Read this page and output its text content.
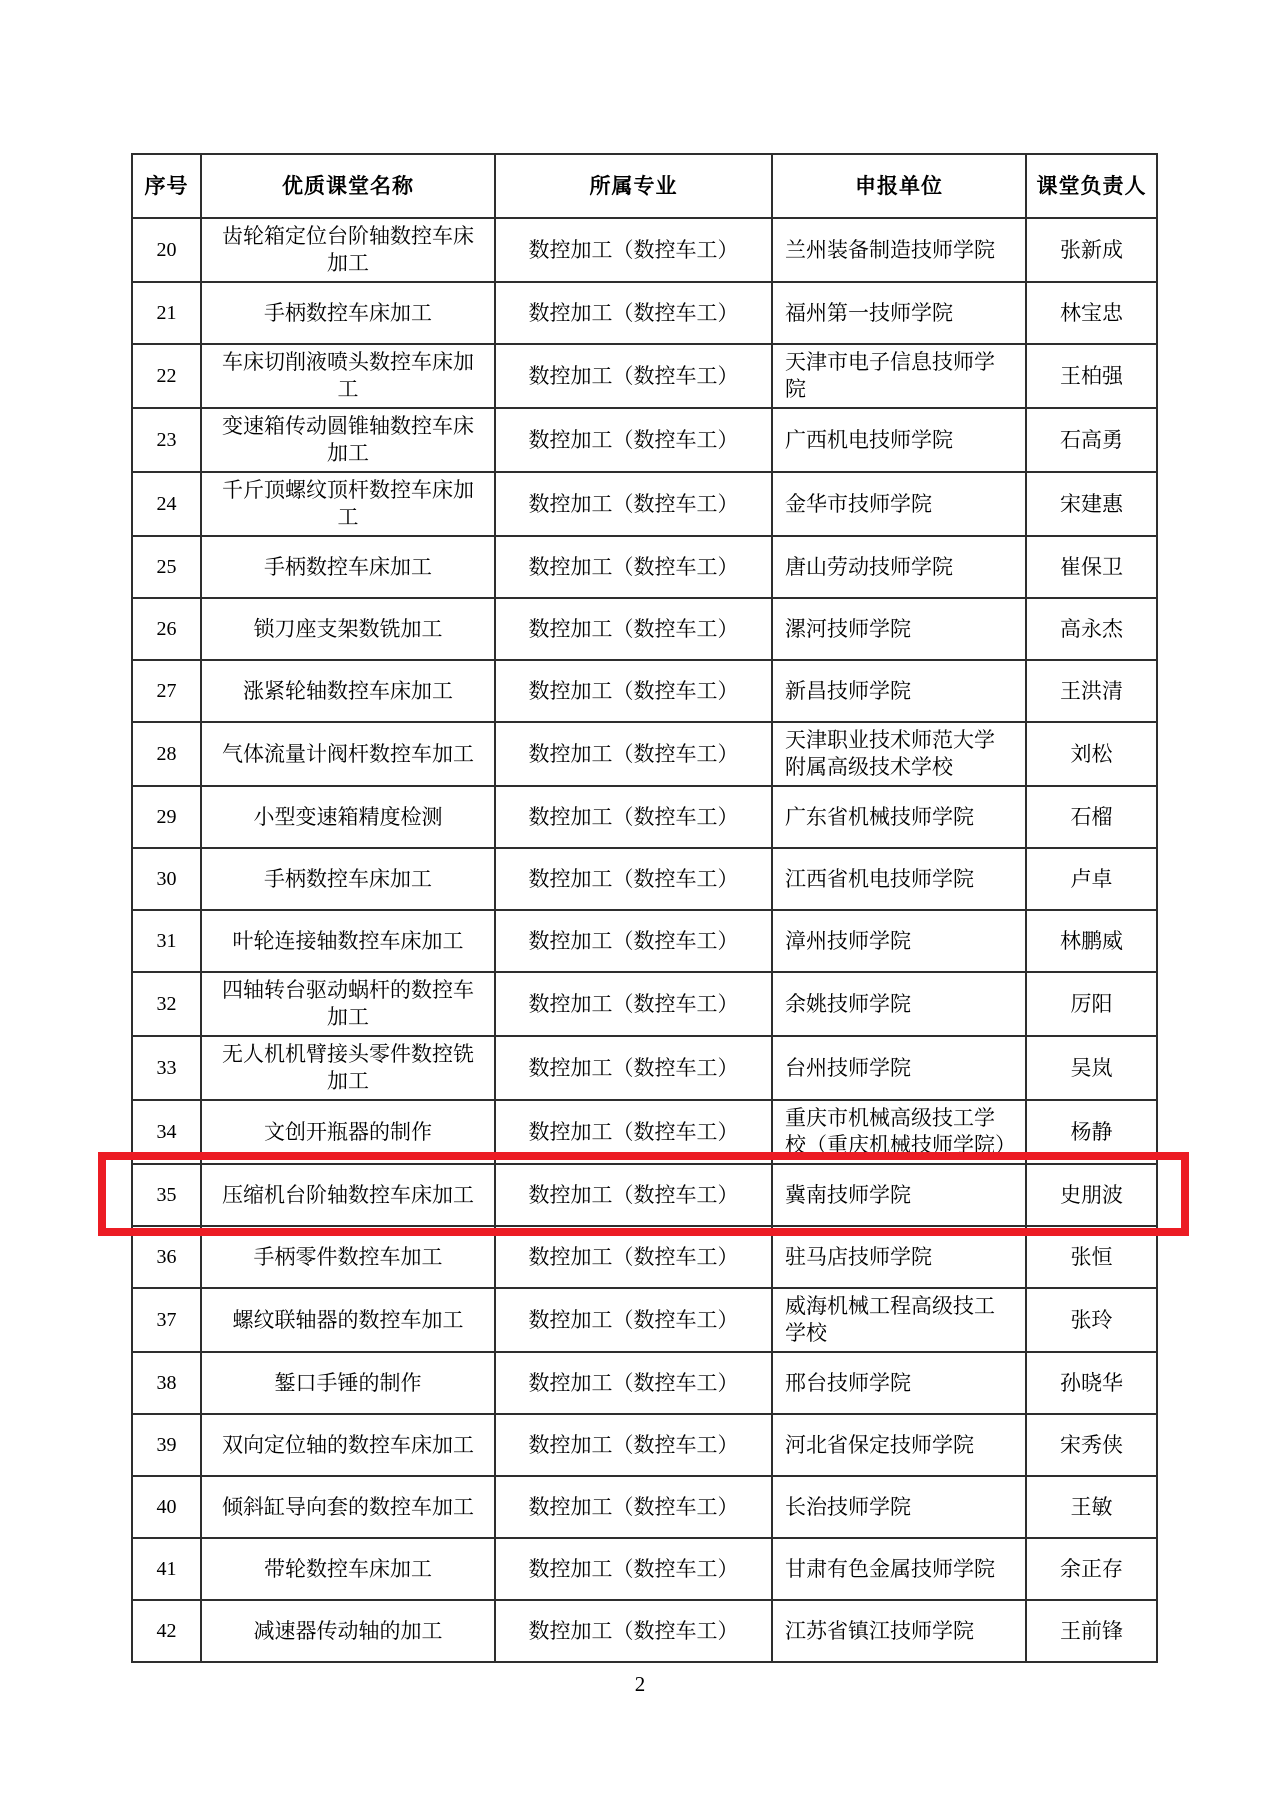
序号	优质课堂名称	所属专业	申报单位	课堂负责人
20	齿轮箱定位台阶轴数控车床加工	数控加工（数控车工）	兰州装备制造技师学院	张新成
21	手柄数控车床加工	数控加工（数控车工）	福州第一技师学院	林宝忠
22	车床切削液喷头数控车床加工	数控加工（数控车工）	天津市电子信息技师学院	王柏强
23	变速箱传动圆锥轴数控车床加工	数控加工（数控车工）	广西机电技师学院	石高勇
24	千斤顶螺纹顶杆数控车床加工	数控加工（数控车工）	金华市技师学院	宋建惠
25	手柄数控车床加工	数控加工（数控车工）	唐山劳动技师学院	崔保卫
26	锁刀座支架数铣加工	数控加工（数控车工）	漯河技师学院	高永杰
27	涨紧轮轴数控车床加工	数控加工（数控车工）	新昌技师学院	王洪清
28	气体流量计阀杆数控车加工	数控加工（数控车工）	天津职业技术师范大学附属高级技术学校	刘松
29	小型变速箱精度检测	数控加工（数控车工）	广东省机械技师学院	石榴
30	手柄数控车床加工	数控加工（数控车工）	江西省机电技师学院	卢卓
31	叶轮连接轴数控车床加工	数控加工（数控车工）	漳州技师学院	林鹏威
32	四轴转台驱动蜗杆的数控车加工	数控加工（数控车工）	余姚技师学院	厉阳
33	无人机机臂接头零件数控铣加工	数控加工（数控车工）	台州技师学院	吴岚
34	文创开瓶器的制作	数控加工（数控车工）	重庆市机械高级技工学校（重庆机械技师学院）	杨静
35	压缩机台阶轴数控车床加工	数控加工（数控车工）	冀南技师学院	史朋波
36	手柄零件数控车加工	数控加工（数控车工）	驻马店技师学院	张恒
37	螺纹联轴器的数控车加工	数控加工（数控车工）	威海机械工程高级技工学校	张玲
38	錾口手锤的制作	数控加工（数控车工）	邢台技师学院	孙晓华
39	双向定位轴的数控车床加工	数控加工（数控车工）	河北省保定技师学院	宋秀侠
40	倾斜缸导向套的数控车加工	数控加工（数控车工）	长治技师学院	王敏
41	带轮数控车床加工	数控加工（数控车工）	甘肃有色金属技师学院	余正存
42	减速器传动轴的加工	数控加工（数控车工）	江苏省镇江技师学院	王前锋
2
